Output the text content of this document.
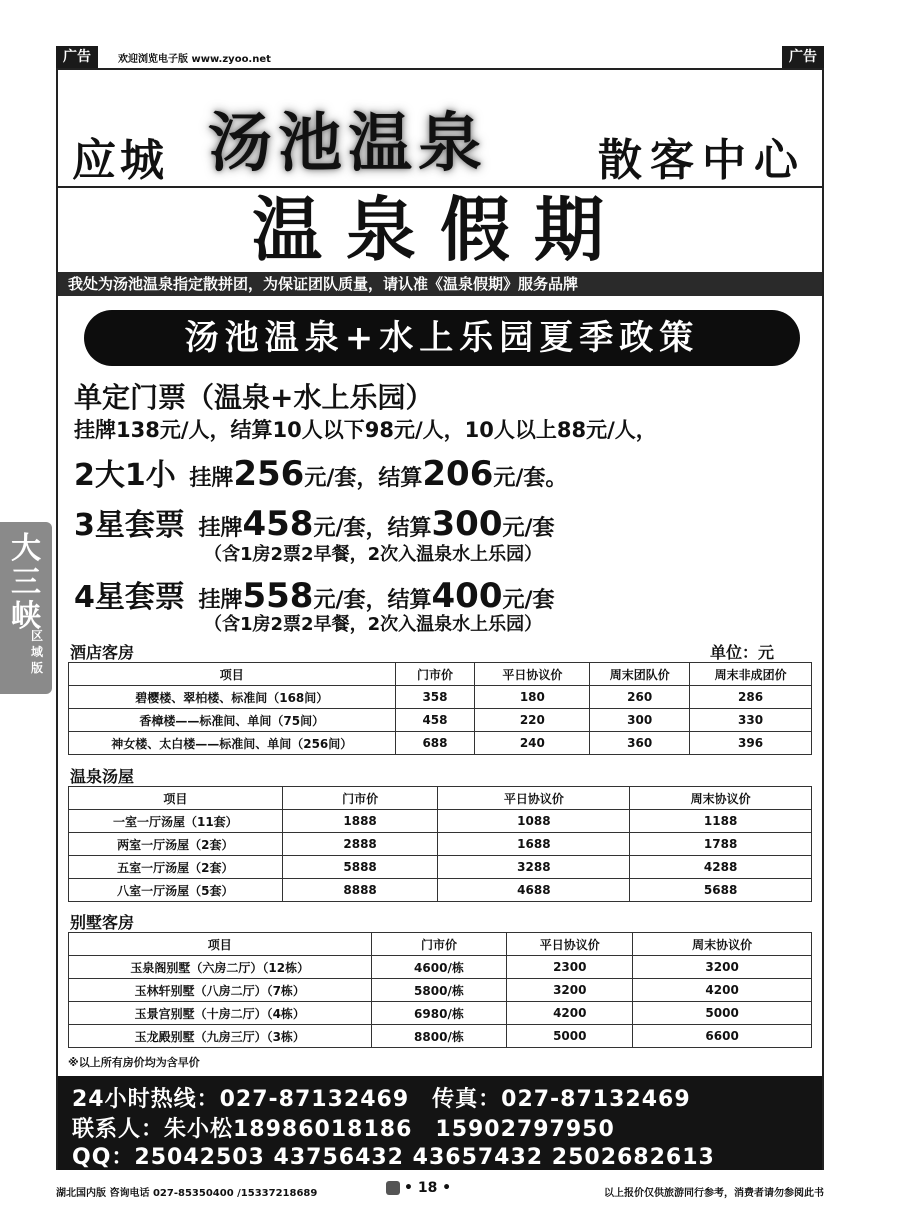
广告	欢迎浏览电子版 www.zyoo.net	广告
应城 汤池温泉	散客中心
温泉假期
我处为汤池温泉指定散拼团，为保证团队质量，请认准《温泉假期》服务品牌
汤池温泉+水上乐园夏季政策
单定门票（温泉+水上乐园）
挂牌138元/人，结算10人以下98元/人，10人以上88元/人，
2大1小 挂牌256元/套，结算206元/套。
3星套票 挂牌458元/套，结算300元/套
（含1房2票2早餐，2次入温泉水上乐园）
4星套票 挂牌558元/套，结算400元/套
（含1房2票2早餐，2次入温泉水上乐园）
大三峡
区域版
酒店客房	单位：元
项目	门市价	平日协议价	周末团队价	周末非成团价
碧樱楼、翠柏楼、标准间（168间）	358	180	260	286
香樟楼——标准间、单间（75间）	458	220	300	330
神女楼、太白楼——标准间、单间（256间）	688	240	360	396
温泉汤屋
项目	门市价	平日协议价	周末协议价
一室一厅汤屋（11套）	1888	1088	1188
两室一厅汤屋（2套）	2888	1688	1788
五室一厅汤屋（2套）	5888	3288	4288
八室一厅汤屋（5套）	8888	4688	5688
别墅客房
项目	门市价	平日协议价	周末协议价
玉泉阁别墅（六房二厅）（12栋）	4600/栋	2300	3200
玉林轩别墅（八房二厅）（7栋）	5800/栋	3200	4200
玉景宫别墅（十房二厅）（4栋）	6980/栋	4200	5000
玉龙殿别墅（九房三厅）（3栋）	8800/栋	5000	6600
※以上所有房价均为含早价
24小时热线：027-87132469　传真：027-87132469
联系人：朱小松18986018186　15902797950
QQ：25042503 43756432 43657432 2502682613
湖北国内版 咨询电话 027-85350400 /15337218689	• 18 •	以上报价仅供旅游同行参考，消费者请勿参阅此书
